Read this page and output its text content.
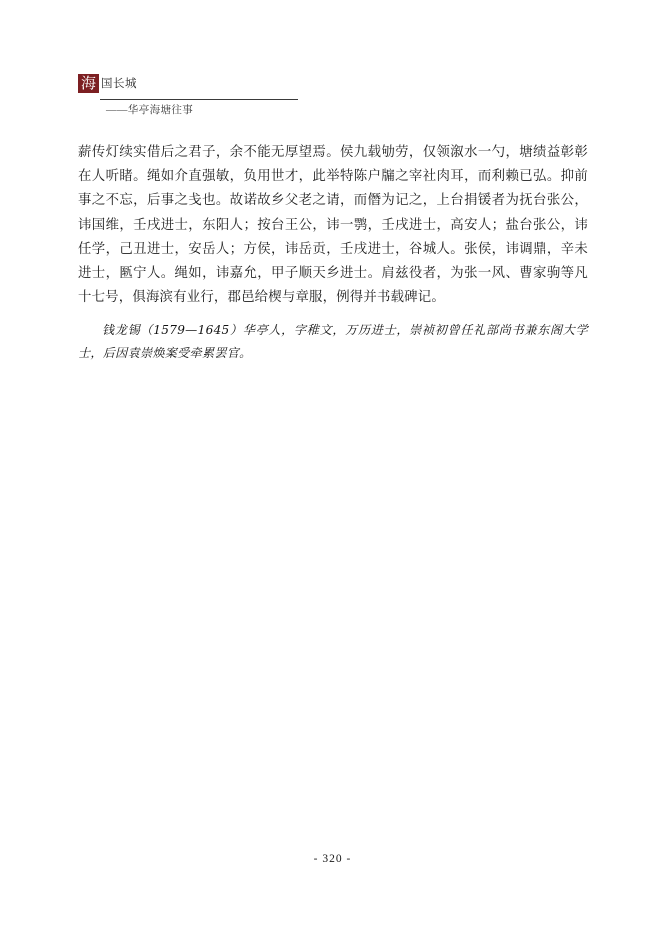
海 国长城
——华亭海塘往事

薪传灯续实借后之君子，余不能无厚望焉。侯九载劬劳，仅领溆水一勺，塘绩益彰彰在人听睹。绳如介直强敏，负用世才，此举特陈户牖之宰社肉耳，而利赖已弘。抑前事之不忘，后事之戋也。故诺故乡父老之请，而僭为记之，上台捐锾者为抚台张公，讳国维，壬戌进士，东阳人；按台王公，讳一鹗，壬戌进士，高安人；盐台张公，讳任学，己丑进士，安岳人；方侯，讳岳贡，壬戌进士，谷城人。张侯，讳调鼎，辛未进士，匦宁人。绳如，讳嘉允，甲子顺天乡进士。肩兹役者，为张一风、曹家驹等凡十七号，俱海滨有业行，郡邑给楔与章服，例得并书载碑记。

钱龙锡（1579—1645）华亭人，字稚文，万历进士，崇祯初曾任礼部尚书兼东阁大学士，后因袁崇焕案受牵累罢官。

- 320 -
